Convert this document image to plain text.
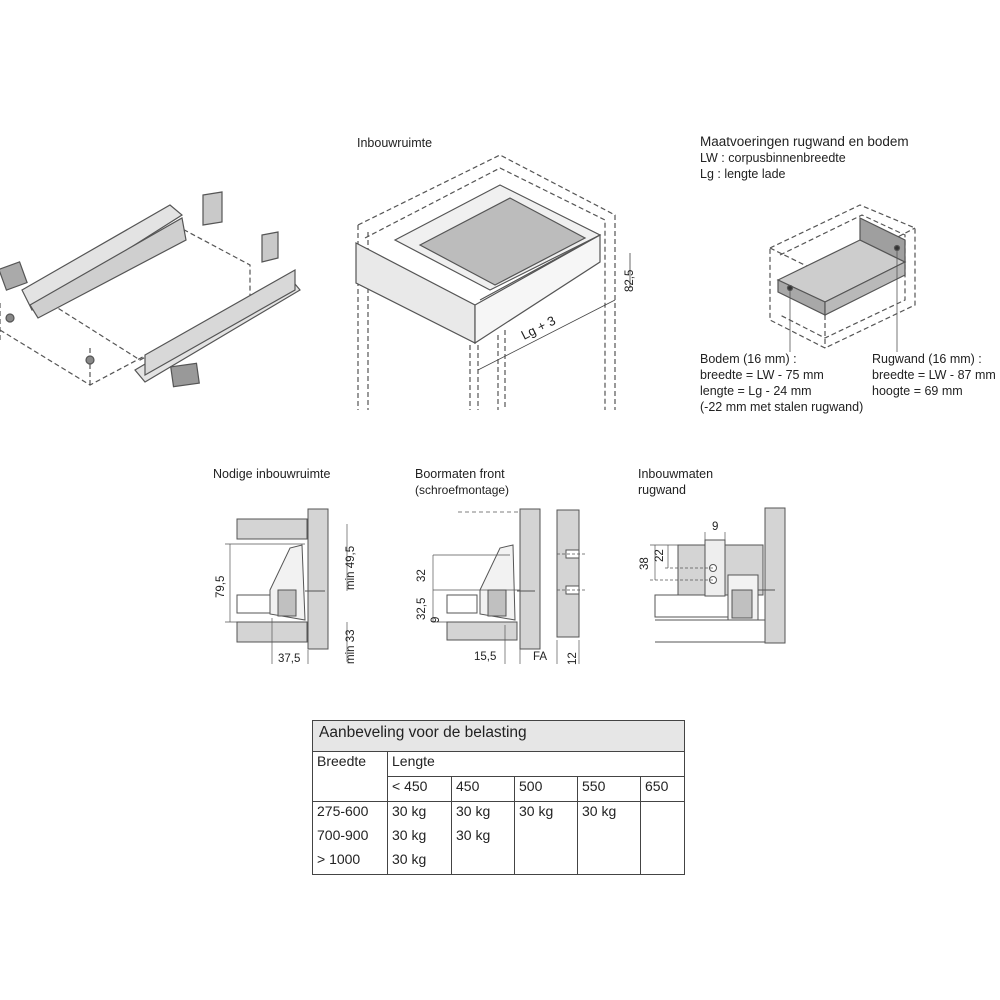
82,5
Lg + 3
79,5	min 49,5
min 33
37,5
32
32,5 9
15,5	FA 12
9
38
22
Inbouwruimte	Maatvoeringen rugwand en bodem
LW : corpusbinnenbreedte
Lg : lengte lade
Bodem (16 mm) :
breedte = LW - 75 mm
lengte = Lg - 24 mm
(-22 mm met stalen rugwand)
Rugwand (16 mm) :
breedte = LW - 87 mm
hoogte = 69 mm
Nodige inbouwruimte	Boormaten front
(schroefmontage)
Inbouwmaten
rugwand
Aanbeveling voor de belasting					
Breedte	Lengte				
	< 450	450	500	550	650
275-600	30 kg	30 kg	30 kg	30 kg	
700-900	30 kg	30 kg			
> 1000	30 kg				
